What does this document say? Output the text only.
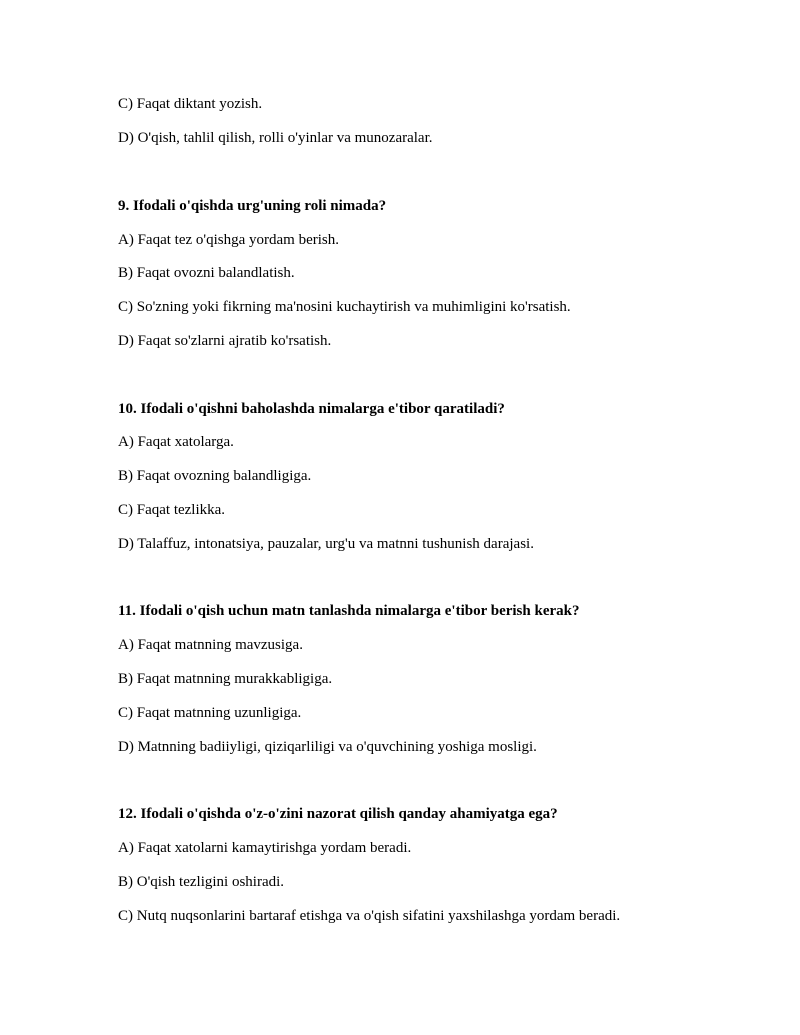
C) Faqat diktant yozish.
D) O'qish, tahlil qilish, rolli o'yinlar va munozaralar.
9. Ifodali o'qishda urg'uning roli nimada?
A) Faqat tez o'qishga yordam berish.
B) Faqat ovozni balandlatish.
C) So'zning yoki fikrning ma'nosini kuchaytirish va muhimligini ko'rsatish.
D) Faqat so'zlarni ajratib ko'rsatish.
10. Ifodali o'qishni baholashda nimalarga e'tibor qaratiladi?
A) Faqat xatolarga.
B) Faqat ovozning balandligiga.
C) Faqat tezlikka.
D) Talaffuz, intonatsiya, pauzalar, urg'u va matnni tushunish darajasi.
11. Ifodali o'qish uchun matn tanlashda nimalarga e'tibor berish kerak?
A) Faqat matnning mavzusiga.
B) Faqat matnning murakkabligiga.
C) Faqat matnning uzunligiga.
D) Matnning badiiyligi, qiziqarliligi va o'quvchining yoshiga mosligi.
12. Ifodali o'qishda o'z-o'zini nazorat qilish qanday ahamiyatga ega?
A) Faqat xatolarni kamaytirishga yordam beradi.
B) O'qish tezligini oshiradi.
C) Nutq nuqsonlarini bartaraf etishga va o'qish sifatini yaxshilashga yordam beradi.
